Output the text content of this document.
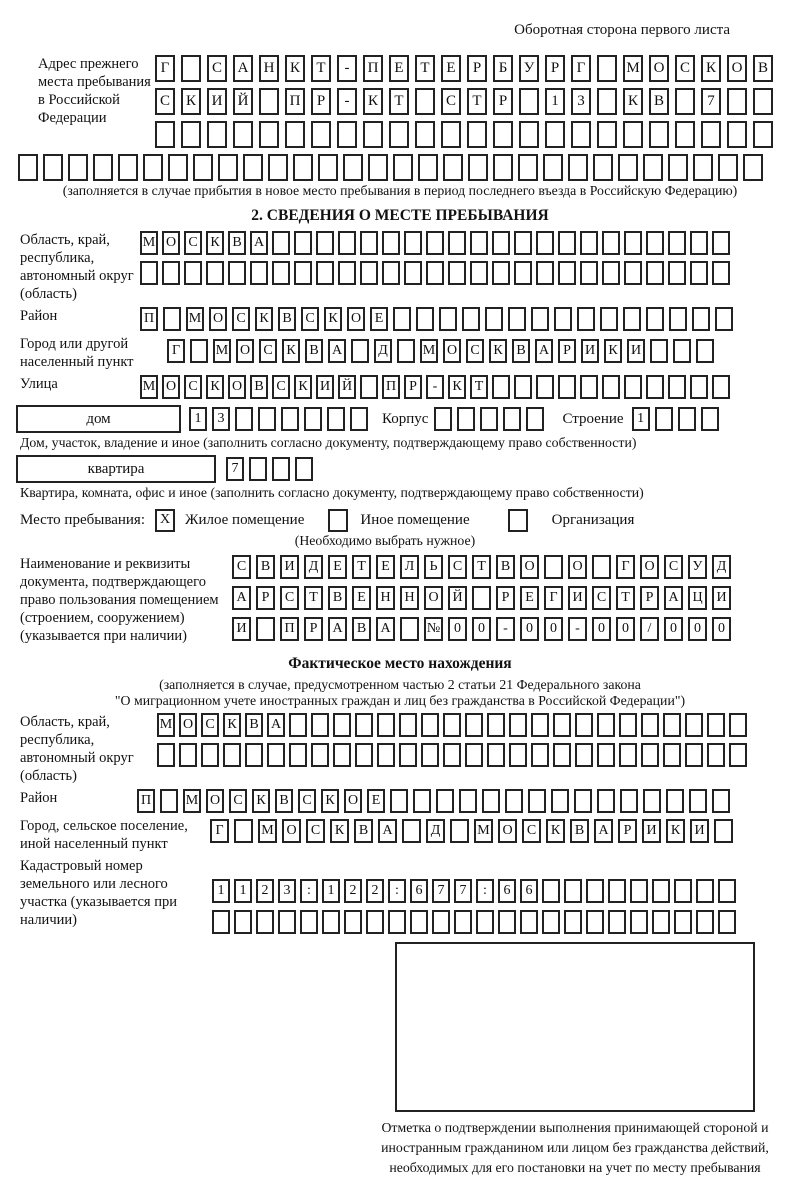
Оборотная сторона первого листа
Адрес прежнего места пребывания в Российской Федерации
Г	С	А	Н	К	Т	-	П	Е	Т	Е	Р	Б	У	Р	Г	М О	С	К	О	В
С	К	И	Й	П	Р	-	К	Т	С	Т	Р	1	3	К	В	7
(заполняется в случае прибытия в новое место пребывания в период последнего въезда в Российскую Федерацию)
2. СВЕДЕНИЯ О МЕСТЕ ПРЕБЫВАНИЯ
Область, край, республика, автономный округ (область)
М О С К В А
Район	П М О С К В С К О Е
Город или другой населенный пункт
Г	М О С К В А	Д	М О С К В А	Р	И К И
Улица	М О С К О В С К И Й П Р	-	К Т
дом	1	3	Корпус	Строение 1
Дом, участок, владение и иное (заполнить согласно документу, подтверждающему право собственности)
квартира	7
Квартира, комната, офис и иное (заполнить согласно документу, подтверждающему право собственности)
Место пребывания:	X Жилое помещение	Иное помещение	Организация
(Необходимо выбрать нужное)
Наименование и реквизиты документа, подтверждающего право пользования помещением (строением, сооружением) (указывается при наличии)
С	В	И	Д	Е	Т	Е	Л	Ь	С	Т	В	О	О	Г	О	С	У	Д
А	Р	С	Т	В	Е	Н Н О Й	Р	Е	Г	И	С	Т	Р	А Ц И
И	П	Р	А	В	А	№ 0	0	-	0	0	-	0	0	/	0	0	0
Фактическое место нахождения
(заполняется в случае, предусмотренном частью 2 статьи 21 Федерального закона
"О миграционном учете иностранных граждан и лиц без гражданства в Российской Федерации")
Область, край, республика, автономный округ (область)
М О С К В А
Район	П М О С К В С К О Е
Город, сельское поселение, иной населенный пункт
Г	М О	С	К	В	А	Д	М О	С	К	В	А	Р	И	К	И
Кадастровый номер земельного или лесного участка (указывается при наличии)
1	1	2	3	:	1	2	2	:	6	7	7	:	6	6
Отметка о подтверждении выполнения принимающей стороной и иностранным гражданином или лицом без гражданства действий, необходимых для его постановки на учет по месту пребывания
